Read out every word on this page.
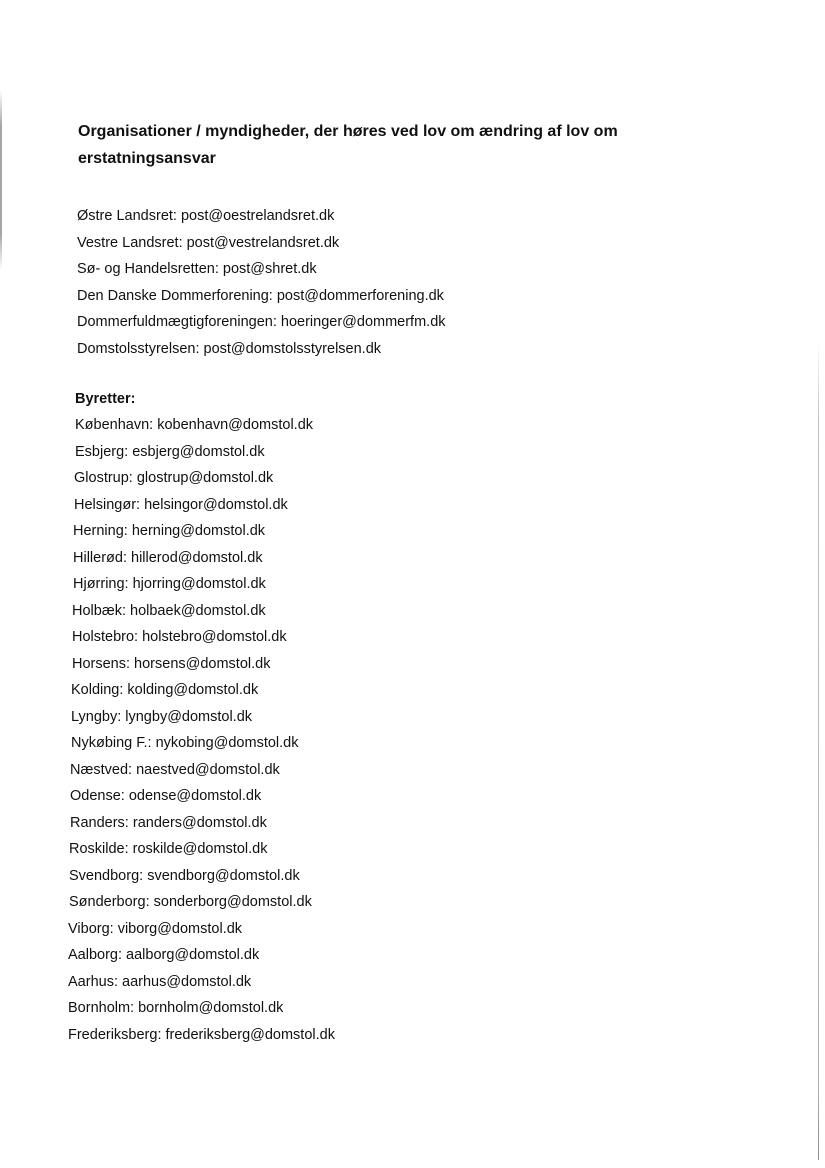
Organisationer / myndigheder, der høres ved lov om ændring af lov om erstatningsansvar
Østre Landsret: post@oestrelandsret.dk
Vestre Landsret: post@vestrelandsret.dk
Sø- og Handelsretten: post@shret.dk
Den Danske Dommerforening: post@dommerforening.dk
Dommerfuldmægtigforeningen: hoeringer@dommerfm.dk
Domstolsstyrelsen: post@domstolsstyrelsen.dk
Byretter:
København: kobenhavn@domstol.dk
Esbjerg: esbjerg@domstol.dk
Glostrup: glostrup@domstol.dk
Helsingør: helsingor@domstol.dk
Herning: herning@domstol.dk
Hillerød: hillerod@domstol.dk
Hjørring: hjorring@domstol.dk
Holbæk: holbaek@domstol.dk
Holstebro: holstebro@domstol.dk
Horsens: horsens@domstol.dk
Kolding: kolding@domstol.dk
Lyngby: lyngby@domstol.dk
Nykøbing F.: nykobing@domstol.dk
Næstved: naestved@domstol.dk
Odense: odense@domstol.dk
Randers: randers@domstol.dk
Roskilde: roskilde@domstol.dk
Svendborg: svendborg@domstol.dk
Sønderborg: sonderborg@domstol.dk
Viborg: viborg@domstol.dk
Aalborg: aalborg@domstol.dk
Aarhus: aarhus@domstol.dk
Bornholm: bornholm@domstol.dk
Frederiksberg: frederiksberg@domstol.dk
